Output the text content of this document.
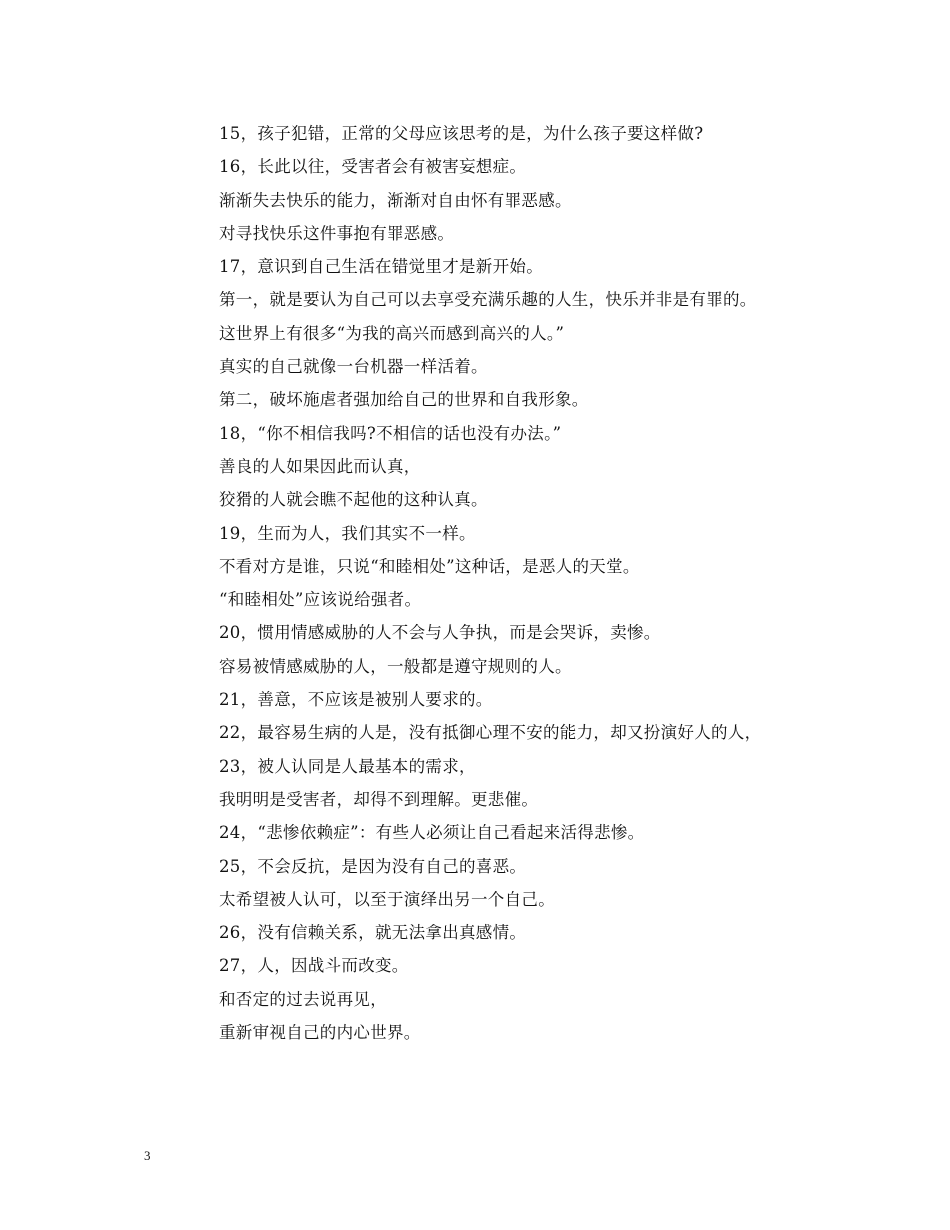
15，孩子犯错，正常的父母应该思考的是，为什么孩子要这样做?
16，长此以往，受害者会有被害妄想症。
渐渐失去快乐的能力，渐渐对自由怀有罪恶感。
对寻找快乐这件事抱有罪恶感。
17，意识到自己生活在错觉里才是新开始。
第一，就是要认为自己可以去享受充满乐趣的人生，快乐并非是有罪的。
这世界上有很多“为我的高兴而感到高兴的人。”
真实的自己就像一台机器一样活着。
第二，破坏施虐者强加给自己的世界和自我形象。
18，“你不相信我吗?不相信的话也没有办法。”
善良的人如果因此而认真，
狡猾的人就会瞧不起他的这种认真。
19，生而为人，我们其实不一样。
不看对方是谁，只说“和睦相处”这种话，是恶人的天堂。
“和睦相处”应该说给强者。
20，惯用情感威胁的人不会与人争执，而是会哭诉，卖惨。
容易被情感威胁的人，一般都是遵守规则的人。
21，善意，不应该是被别人要求的。
22，最容易生病的人是，没有抵御心理不安的能力，却又扮演好人的人，
23，被人认同是人最基本的需求，
我明明是受害者，却得不到理解。更悲催。
24，“悲惨依赖症”：有些人必须让自己看起来活得悲惨。
25，不会反抗，是因为没有自己的喜恶。
太希望被人认可，以至于演绎出另一个自己。
26，没有信赖关系，就无法拿出真感情。
27，人，因战斗而改变。
和否定的过去说再见，
重新审视自己的内心世界。
3
